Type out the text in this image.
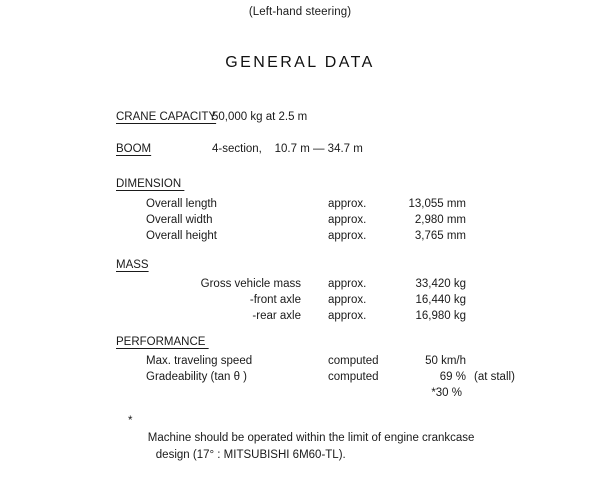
(Left-hand steering)
GENERAL DATA
CRANE CAPACITY
50,000 kg at 2.5 m
BOOM	4-section,    10.7 m — 34.7 m
DIMENSION
Overall length	approx.	13,055 mm
Overall width	approx.	2,980 mm
Overall height	approx.	3,765 mm
MASS
Gross vehicle mass approx.	33,420 kg
-front axle approx.	16,440 kg
-rear axle approx.	16,980 kg
PERFORMANCE
Max. traveling speed	computed	50 km/h
Gradeability (tan θ )	computed	69 % (at stall)
*30 %

*
Machine should be operated within the limit of engine crankcase

design (17° : MITSUBISHI 6M60-TL).
